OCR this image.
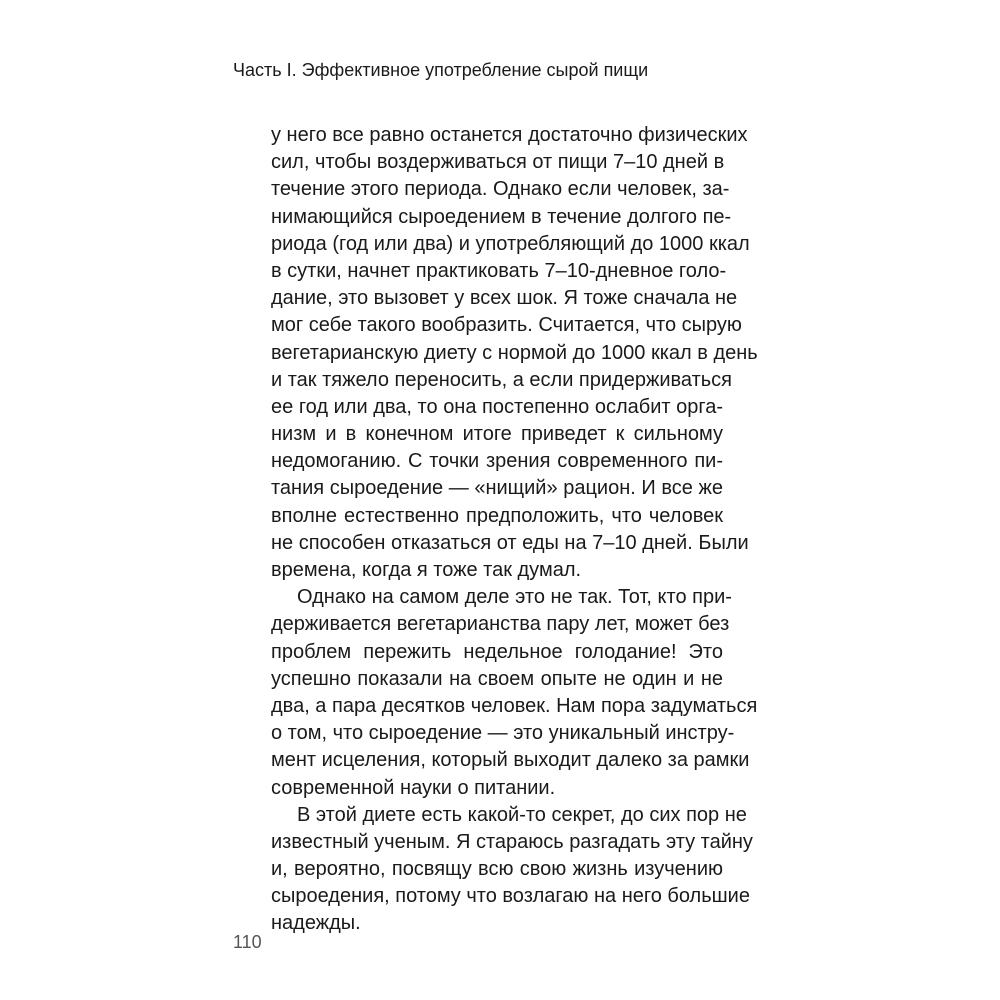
Часть I. Эффективное употребление сырой пищи
у него все равно останется достаточно физических
сил, чтобы воздерживаться от пищи 7–10 дней в
течение этого периода. Однако если человек, за-
нимающийся сыроедением в течение долгого пе-
риода (год или два) и употребляющий до 1000 ккал
в сутки, начнет практиковать 7–10-дневное голо-
дание, это вызовет у всех шок. Я тоже сначала не
мог себе такого вообразить. Считается, что сырую
вегетарианскую диету с нормой до 1000 ккал в день
и так тяжело переносить, а если придерживаться
ее год или два, то она постепенно ослабит орга-
низм и в конечном итоге приведет к сильному
недомоганию. С точки зрения современного пи-
тания сыроедение — «нищий» рацион. И все же
вполне естественно предположить, что человек
не способен отказаться от еды на 7–10 дней. Были
времена, когда я тоже так думал.
Однако на самом деле это не так. Тот, кто при-
держивается вегетарианства пару лет, может без
проблем пережить недельное голодание! Это
успешно показали на своем опыте не один и не
два, а пара десятков человек. Нам пора задуматься
о том, что сыроедение — это уникальный инстру-
мент исцеления, который выходит далеко за рамки
современной науки о питании.
В этой диете есть какой-то секрет, до сих пор не
известный ученым. Я стараюсь разгадать эту тайну
и, вероятно, посвящу всю свою жизнь изучению
сыроедения, потому что возлагаю на него большие
надежды.
110
